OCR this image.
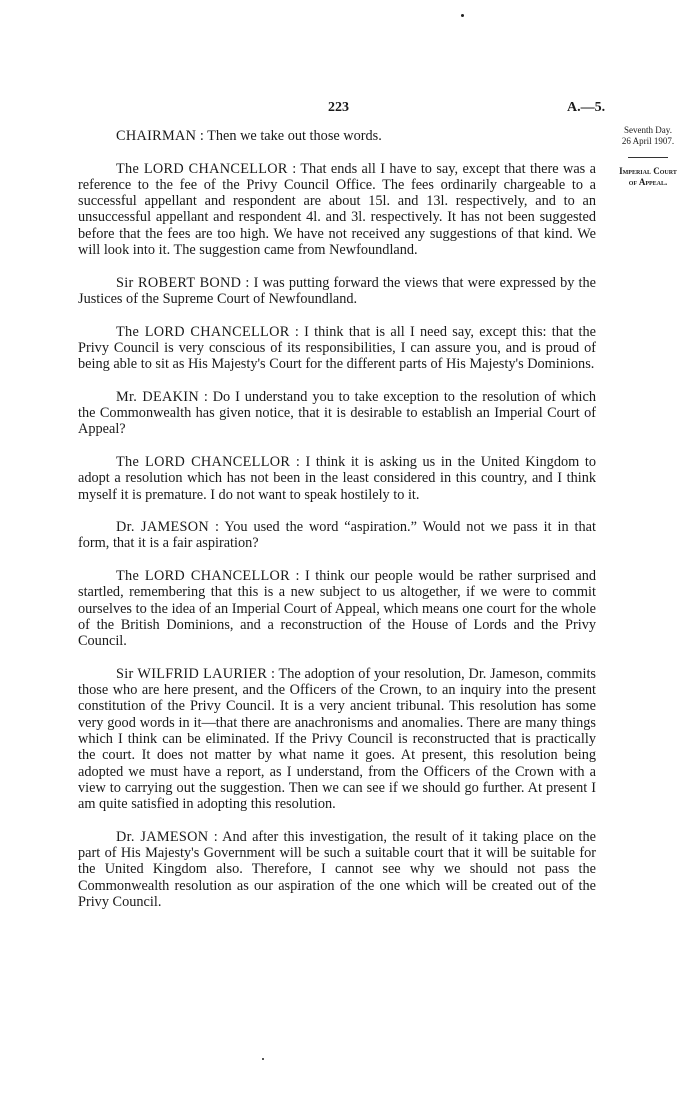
223	A.—5.
Seventh Day.
26 April 1907.
Imperial Court
of Appeal.

CHAIRMAN : Then we take out those words.

The LORD CHANCELLOR : That ends all I have to say, except that there was a reference to the fee of the Privy Council Office. The fees ordinarily chargeable to a successful appellant and respondent are about 15l. and 13l. respectively, and to an unsuccessful appellant and respondent 4l. and 3l. respectively. It has not been suggested before that the fees are too high. We have not received any suggestions of that kind. We will look into it. The suggestion came from Newfoundland.

Sir ROBERT BOND : I was putting forward the views that were expressed by the Justices of the Supreme Court of Newfoundland.

The LORD CHANCELLOR : I think that is all I need say, except this: that the Privy Council is very conscious of its responsibilities, I can assure you, and is proud of being able to sit as His Majesty's Court for the different parts of His Majesty's Dominions.

Mr. DEAKIN : Do I understand you to take exception to the resolution of which the Commonwealth has given notice, that it is desirable to establish an Imperial Court of Appeal?

The LORD CHANCELLOR : I think it is asking us in the United Kingdom to adopt a resolution which has not been in the least considered in this country, and I think myself it is premature. I do not want to speak hostilely to it.

Dr. JAMESON : You used the word “aspiration.” Would not we pass it in that form, that it is a fair aspiration?

The LORD CHANCELLOR : I think our people would be rather surprised and startled, remembering that this is a new subject to us altogether, if we were to commit ourselves to the idea of an Imperial Court of Appeal, which means one court for the whole of the British Dominions, and a reconstruction of the House of Lords and the Privy Council.

Sir WILFRID LAURIER : The adoption of your resolution, Dr. Jameson, commits those who are here present, and the Officers of the Crown, to an inquiry into the present constitution of the Privy Council. It is a very ancient tribunal. This resolution has some very good words in it—that there are anachronisms and anomalies. There are many things which I think can be eliminated. If the Privy Council is reconstructed that is practically the court. It does not matter by what name it goes. At present, this resolution being adopted we must have a report, as I understand, from the Officers of the Crown with a view to carrying out the suggestion. Then we can see if we should go further. At present I am quite satisfied in adopting this resolution.

Dr. JAMESON : And after this investigation, the result of it taking place on the part of His Majesty's Government will be such a suitable court that it will be suitable for the United Kingdom also. Therefore, I cannot see why we should not pass the Commonwealth resolution as our aspiration of the one which will be created out of the Privy Council.
